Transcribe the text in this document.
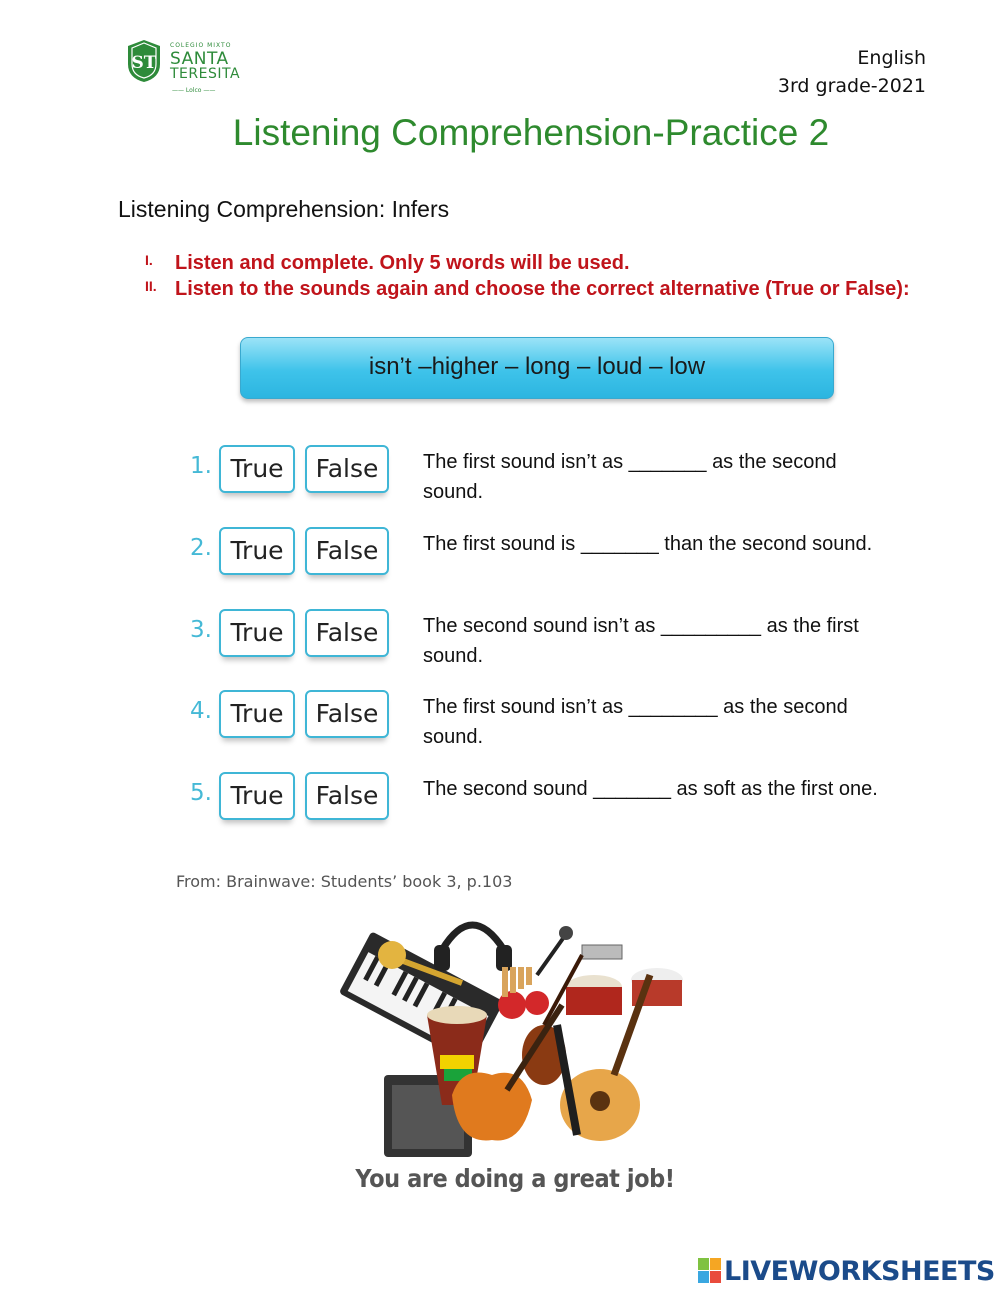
ST
COLEGIO MIXTO
SANTA
TERESITA
—— Lolco ——
English
3rd grade-2021
Listening Comprehension-Practice 2
Listening Comprehension: Infers
I. Listen and complete. Only 5 words will be used.
II. Listen to the sounds again and choose the correct alternative (True or False):
isn’t –higher – long – loud – low
1. True	False	The first sound isn’t as _______ as the second sound.
2. True	False	The first sound is _______ than the second sound.
3. True	False	The second sound isn’t as _________ as the first sound.
4. True	False	The first sound isn’t as ________ as the second sound.
5. True	False	The second sound _______ as soft as the first one.
From: Brainwave: Students’ book 3, p.103
You are doing a great job!
LIVEWORKSHEETS
